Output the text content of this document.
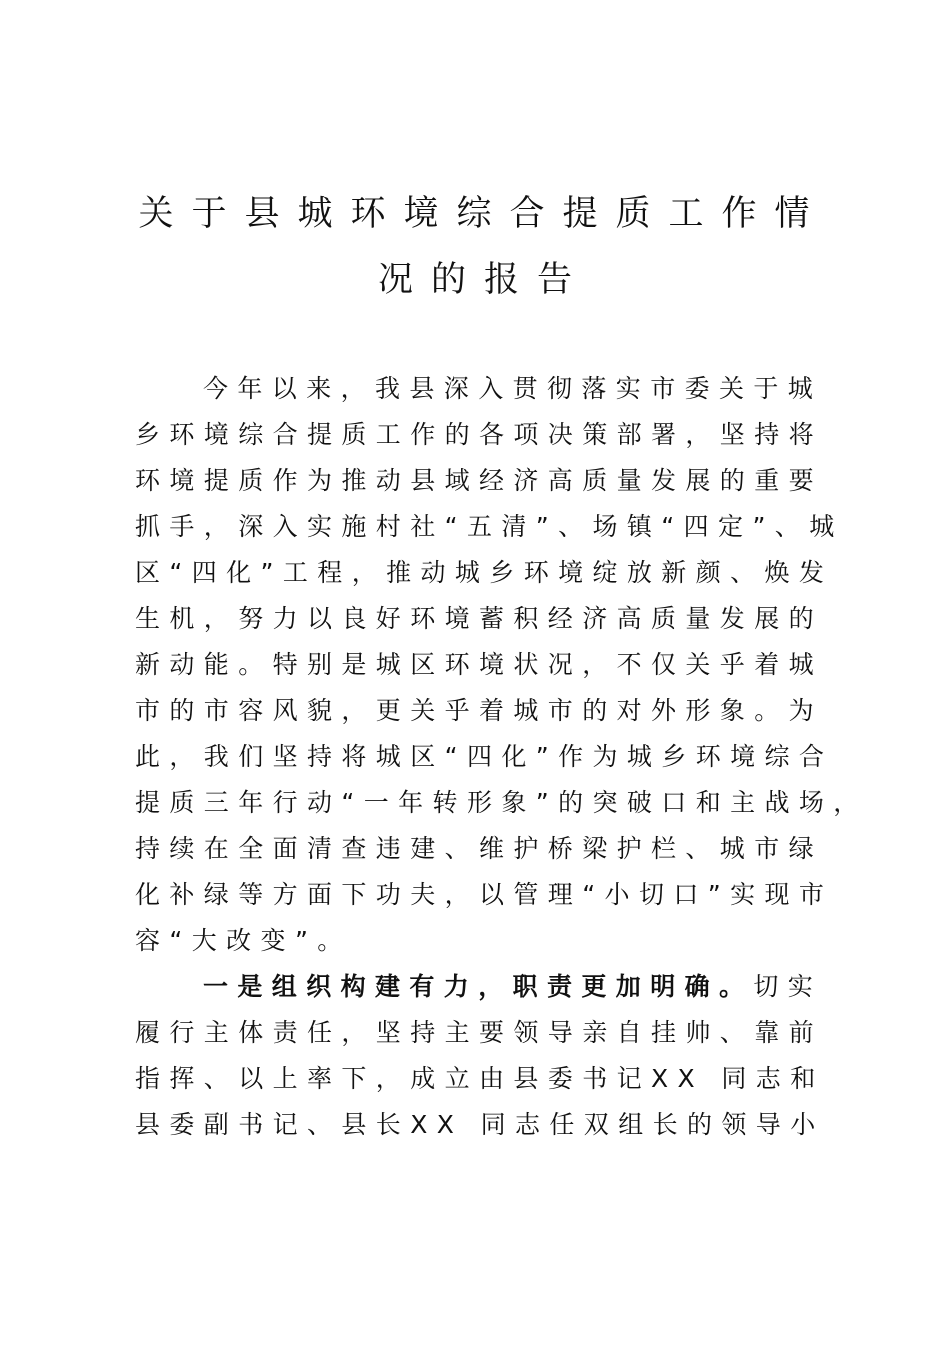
关于县城环境综合提质工作情
况的报告
今年以来，我县深入贯彻落实市委关于城
乡环境综合提质工作的各项决策部署，坚持将
环境提质作为推动县域经济高质量发展的重要
抓手，深入实施村社“五清”、场镇“四定”、城
区“四化”工程，推动城乡环境绽放新颜、焕发
生机，努力以良好环境蓄积经济高质量发展的
新动能。特别是城区环境状况，不仅关乎着城
市的市容风貌，更关乎着城市的对外形象。为
此，我们坚持将城区“四化”作为城乡环境综合
提质三年行动“一年转形象”的突破口和主战场，
持续在全面清查违建、维护桥梁护栏、城市绿
化补绿等方面下功夫，以管理“小切口”实现市
容“大改变”。
一是组织构建有力，职责更加明确。切实
履行主体责任，坚持主要领导亲自挂帅、靠前
指挥、以上率下，成立由县委书记XX 同志和
县委副书记、县长XX 同志任双组长的领导小
